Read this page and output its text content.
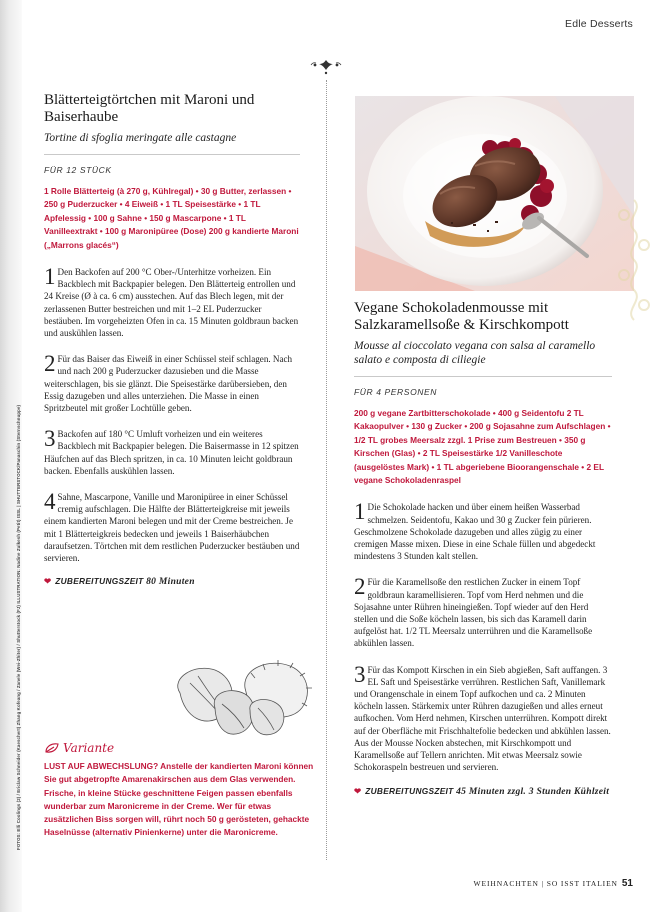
Edle Desserts
Blätterteigtörtchen mit Maroni und Baiserhaube
Tortine di sfoglia meringate alle castagne
FÜR 12 STÜCK
1 Rolle Blätterteig (à 270 g, Kühlregal) • 30 g Butter, zerlassen • 250 g Puderzucker • 4 Eiweiß • 1 TL Speisestärke • 1 TL Apfelessig • 100 g Sahne • 150 g Mascarpone • 1 TL Vanilleextrakt • 100 g Maronipüree (Dose) 200 g kandierte Maroni („Marrons glacés“)
1 Den Backofen auf 200 °C Ober-/Unterhitze vorheizen. Ein Backblech mit Backpapier belegen. Den Blätterteig entrollen und 24 Kreise (Ø à ca. 6 cm) ausstechen. Auf das Blech legen, mit der zerlassenen Butter bestreichen und mit 1–2 EL Puderzucker bestäuben. Im vorgeheizten Ofen in ca. 15 Minuten goldbraun backen und auskühlen lassen.
2 Für das Baiser das Eiweiß in einer Schüssel steif schlagen. Nach und nach 200 g Puderzucker dazusieben und die Masse weiterschlagen, bis sie glänzt. Die Speisestärke darübersieben, den Essig dazugeben und alles unterziehen. Die Masse in einen Spritzbeutel mit großer Lochtülle geben.
3 Backofen auf 180 °C Umluft vorheizen und ein weiteres Backblech mit Backpapier belegen. Die Baisermasse in 12 spitzen Häufchen auf das Blech spritzen, in ca. 10 Minuten leicht goldbraun backen. Ebenfalls auskühlen lassen.
4 Sahne, Mascarpone, Vanille und Maronipüree in einer Schüssel cremig aufschlagen. Die Hälfte der Blätterteigkreise mit jeweils einem kandierten Maroni belegen und mit der Creme bestreichen. Je mit 1 Blätterteigkreis bedecken und jeweils 1 Baiserhäubchen daraufsetzen. Törtchen mit dem restlichen Puderzucker bestäuben und servieren.
❤ ZUBEREITUNGSZEIT 80 Minuten
Variante
LUST AUF ABWECHSLUNG? Anstelle der kandierten Maroni können Sie gut abgetropfte Amarenakirschen aus dem Glas verwenden. Frische, in kleine Stücke geschnittene Feigen passen ebenfalls wunderbar zum Maronicreme in der Creme. Wer für etwas zusätzlichen Biss sorgen will, rührt noch 50 g gerösteten, gehackte Haselnüsse (alternativ Pinienkerne) unter die Maronicreme.
Vegane Schokoladenmousse mit Salzkaramellsoße & Kirschkompott
Mousse al cioccolato vegana con salsa al caramello salato e composta di ciliegie
FÜR 4 PERSONEN
200 g vegane Zartbitterschokolade • 400 g Seidentofu 2 TL Kakaopulver • 130 g Zucker • 200 g Sojasahne zum Aufschlagen • 1/2 TL grobes Meersalz zzgl. 1 Prise zum Bestreuen • 350 g Kirschen (Glas) • 2 TL Speisestärke 1/2 Vanilleschote (ausgelöstes Mark) • 1 TL abgeriebene Bioorangenschale • 2 EL vegane Schokoladenraspel
1 Die Schokolade hacken und über einem heißen Wasserbad schmelzen. Seidentofu, Kakao und 30 g Zucker fein pürieren. Geschmolzene Schokolade dazugeben und alles zügig zu einer cremigen Masse mixen. Diese in eine Schale füllen und abgedeckt mindestens 3 Stunden kalt stellen.
2 Für die Karamellsoße den restlichen Zucker in einem Topf goldbraun karamellisieren. Topf vom Herd nehmen und die Sojasahne unter Rühren hineingießen. Topf wieder auf den Herd stellen und die Soße köcheln lassen, bis sich das Karamell darin aufgelöst hat. 1/2 TL Meersalz unterrühren und die Karamellsoße abkühlen lassen.
3 Für das Kompott Kirschen in ein Sieb abgießen, Saft auffangen. 3 EL Saft und Speisestärke verrühren. Restlichen Saft, Vanillemark und Orangenschale in einem Topf aufkochen und ca. 2 Minuten köcheln lassen. Stärkemix unter Rühren dazugießen und alles erneut aufkochen. Vom Herd nehmen, Kirschen unterrühren. Kompott direkt auf der Oberfläche mit Frischhaltefolie bedecken und abkühlen lassen. Aus der Mousse Nocken abstechen, mit Kirschkompott und Karamellsoße auf Tellern anrichten. Mit etwas Meersalz sowie Schokoraspeln bestreuen und servieren.
❤ ZUBEREITUNGSZEIT 45 Minuten zzgl. 3 Stunden Kühlzeit
FOTOS: Elli Coolings (2) / Ericlaw Schneider (Kaeschert) Zhang Kofeang / Zanele (Wei-Zhiter) / Shutterstock (FJ) ILLUSTRATION: Nadine Zulkesh (Petit) ISSL | SHUTTERSTOCK/Panaschin (Sternschnuppe)
WEIHNACHTEN | SO ISST ITALIEN 51
